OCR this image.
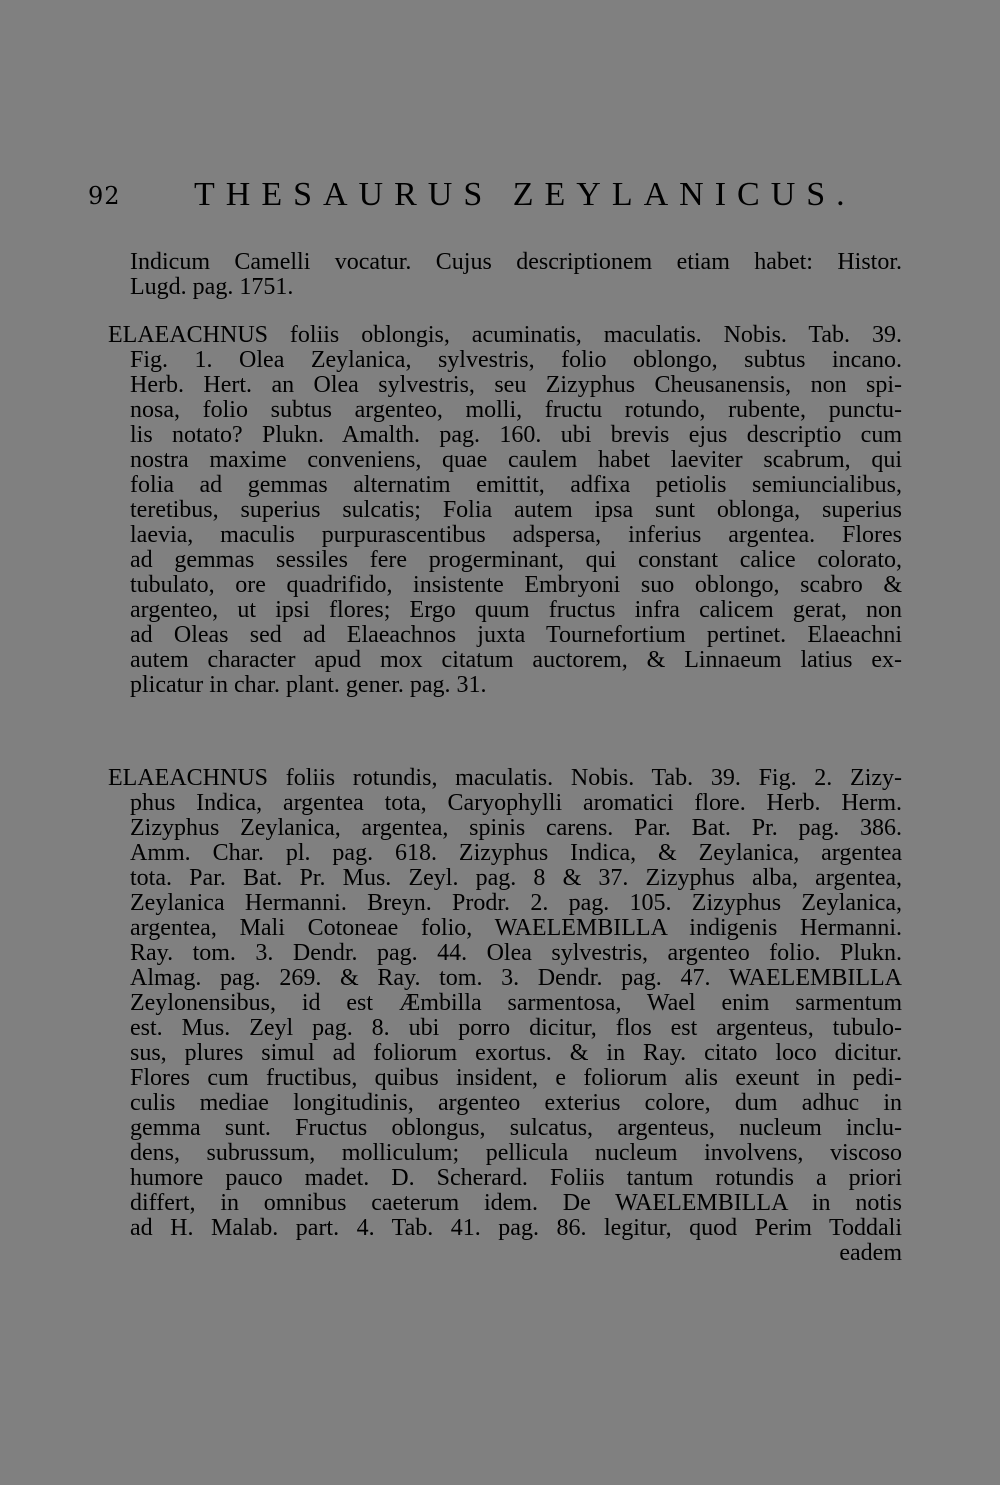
92 THESAURUS ZEYLANICUS.
Indicum Camelli vocatur. Cujus descriptionem etiam habet: Histor.
Lugd. pag. 1751.
ELAEACHNUS foliis oblongis, acuminatis, maculatis. Nobis. Tab. 39.
Fig. 1. Olea Zeylanica, sylvestris, folio oblongo, subtus incano.
Herb. Hert. an Olea sylvestris, seu Zizyphus Cheusanensis, non spi-
nosa, folio subtus argenteo, molli, fructu rotundo, rubente, punctu-
lis notato? Plukn. Amalth. pag. 160. ubi brevis ejus descriptio cum
nostra maxime conveniens, quae caulem habet laeviter scabrum, qui
folia ad gemmas alternatim emittit, adfixa petiolis semiuncialibus,
teretibus, superius sulcatis; Folia autem ipsa sunt oblonga, superius
laevia, maculis purpurascentibus adspersa, inferius argentea. Flores
ad gemmas sessiles fere progerminant, qui constant calice colorato,
tubulato, ore quadrifido, insistente Embryoni suo oblongo, scabro &
argenteo, ut ipsi flores; Ergo quum fructus infra calicem gerat, non
ad Oleas sed ad Elaeachnos juxta Tournefortium pertinet. Elaeachni
autem character apud mox citatum auctorem, & Linnaeum latius ex-
plicatur in char. plant. gener. pag. 31.
ELAEACHNUS foliis rotundis, maculatis. Nobis. Tab. 39. Fig. 2. Zizy-
phus Indica, argentea tota, Caryophylli aromatici flore. Herb. Herm.
Zizyphus Zeylanica, argentea, spinis carens. Par. Bat. Pr. pag. 386.
Amm. Char. pl. pag. 618. Zizyphus Indica, & Zeylanica, argentea
tota. Par. Bat. Pr. Mus. Zeyl. pag. 8 & 37. Zizyphus alba, argentea,
Zeylanica Hermanni. Breyn. Prodr. 2. pag. 105. Zizyphus Zeylanica,
argentea, Mali Cotoneae folio, WAELEMBILLA indigenis Hermanni.
Ray. tom. 3. Dendr. pag. 44. Olea sylvestris, argenteo folio. Plukn.
Almag. pag. 269. & Ray. tom. 3. Dendr. pag. 47. WAELEMBILLA
Zeylonensibus, id est Æmbilla sarmentosa, Wael enim sarmentum
est. Mus. Zeyl pag. 8. ubi porro dicitur, flos est argenteus, tubulo-
sus, plures simul ad foliorum exortus. & in Ray. citato loco dicitur.
Flores cum fructibus, quibus insident, e foliorum alis exeunt in pedi-
culis mediae longitudinis, argenteo exterius colore, dum adhuc in
gemma sunt. Fructus oblongus, sulcatus, argenteus, nucleum inclu-
dens, subrussum, molliculum; pellicula nucleum involvens, viscoso
humore pauco madet. D. Scherard. Foliis tantum rotundis a priori
differt, in omnibus caeterum idem. De WAELEMBILLA in notis
ad H. Malab. part. 4. Tab. 41. pag. 86. legitur, quod Perim Toddali
eadem
